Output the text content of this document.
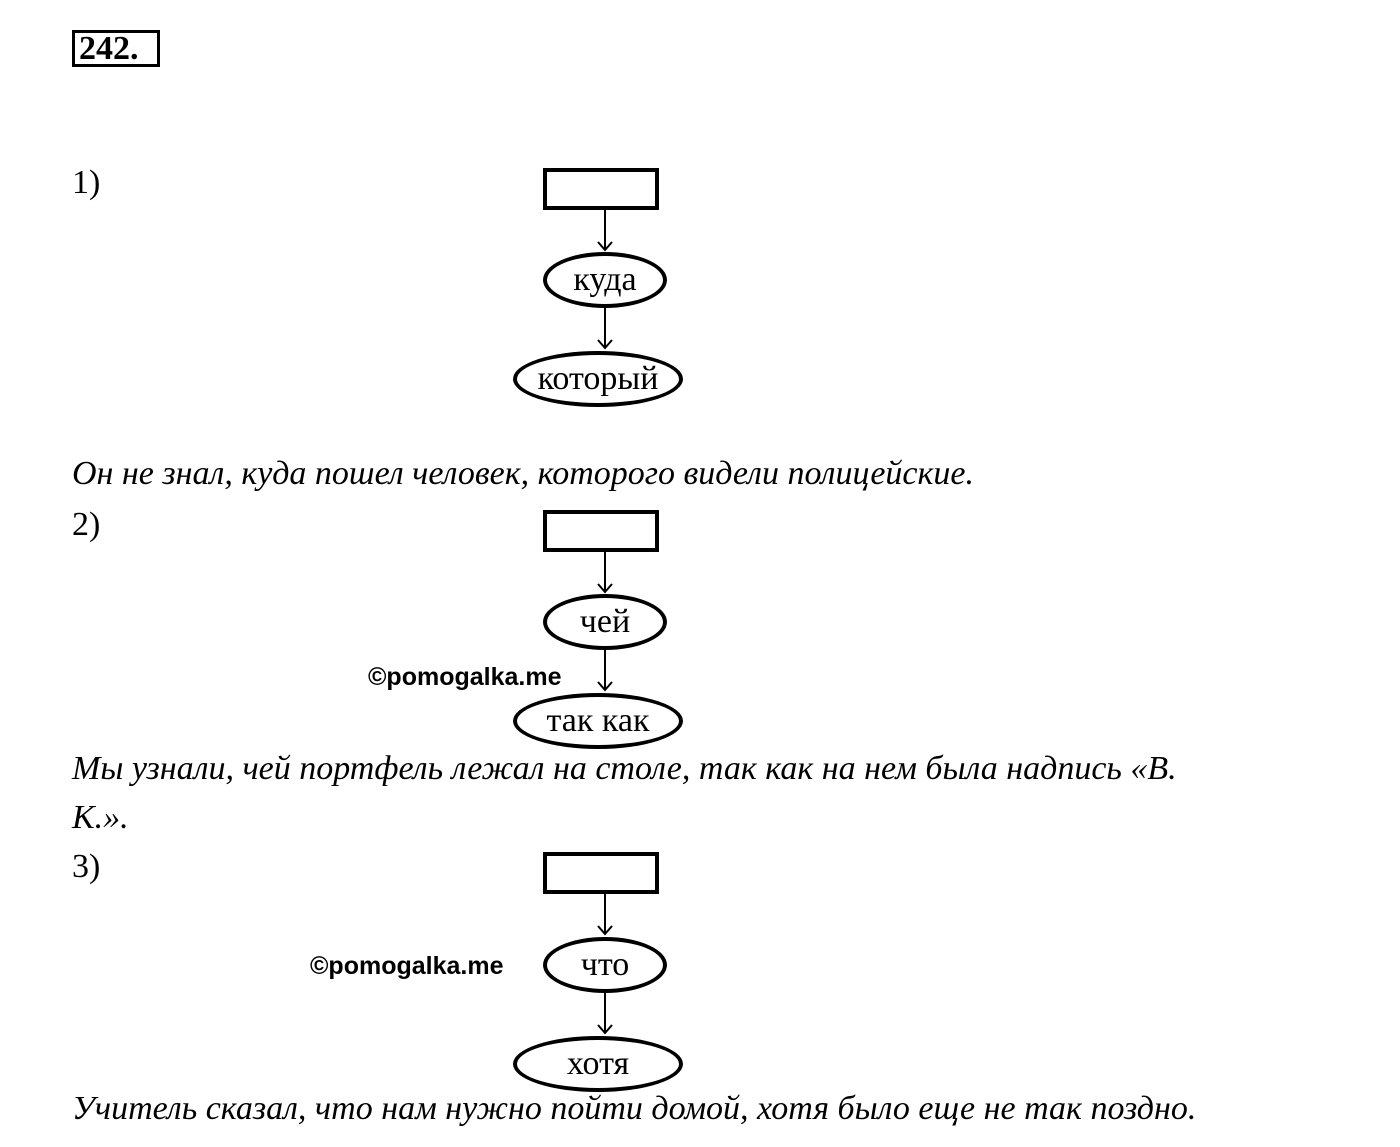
242.
1)
куда
который
Он не знал, куда пошел человек, которого видели полицейские.
2)
чей
©pomogalka.me
так как
Мы узнали, чей портфель лежал на столе, так как на нем была надпись «В.
К.».
3)
©pomogalka.me	что
хотя
Учитель сказал, что нам нужно пойти домой, хотя было еще не так поздно.
